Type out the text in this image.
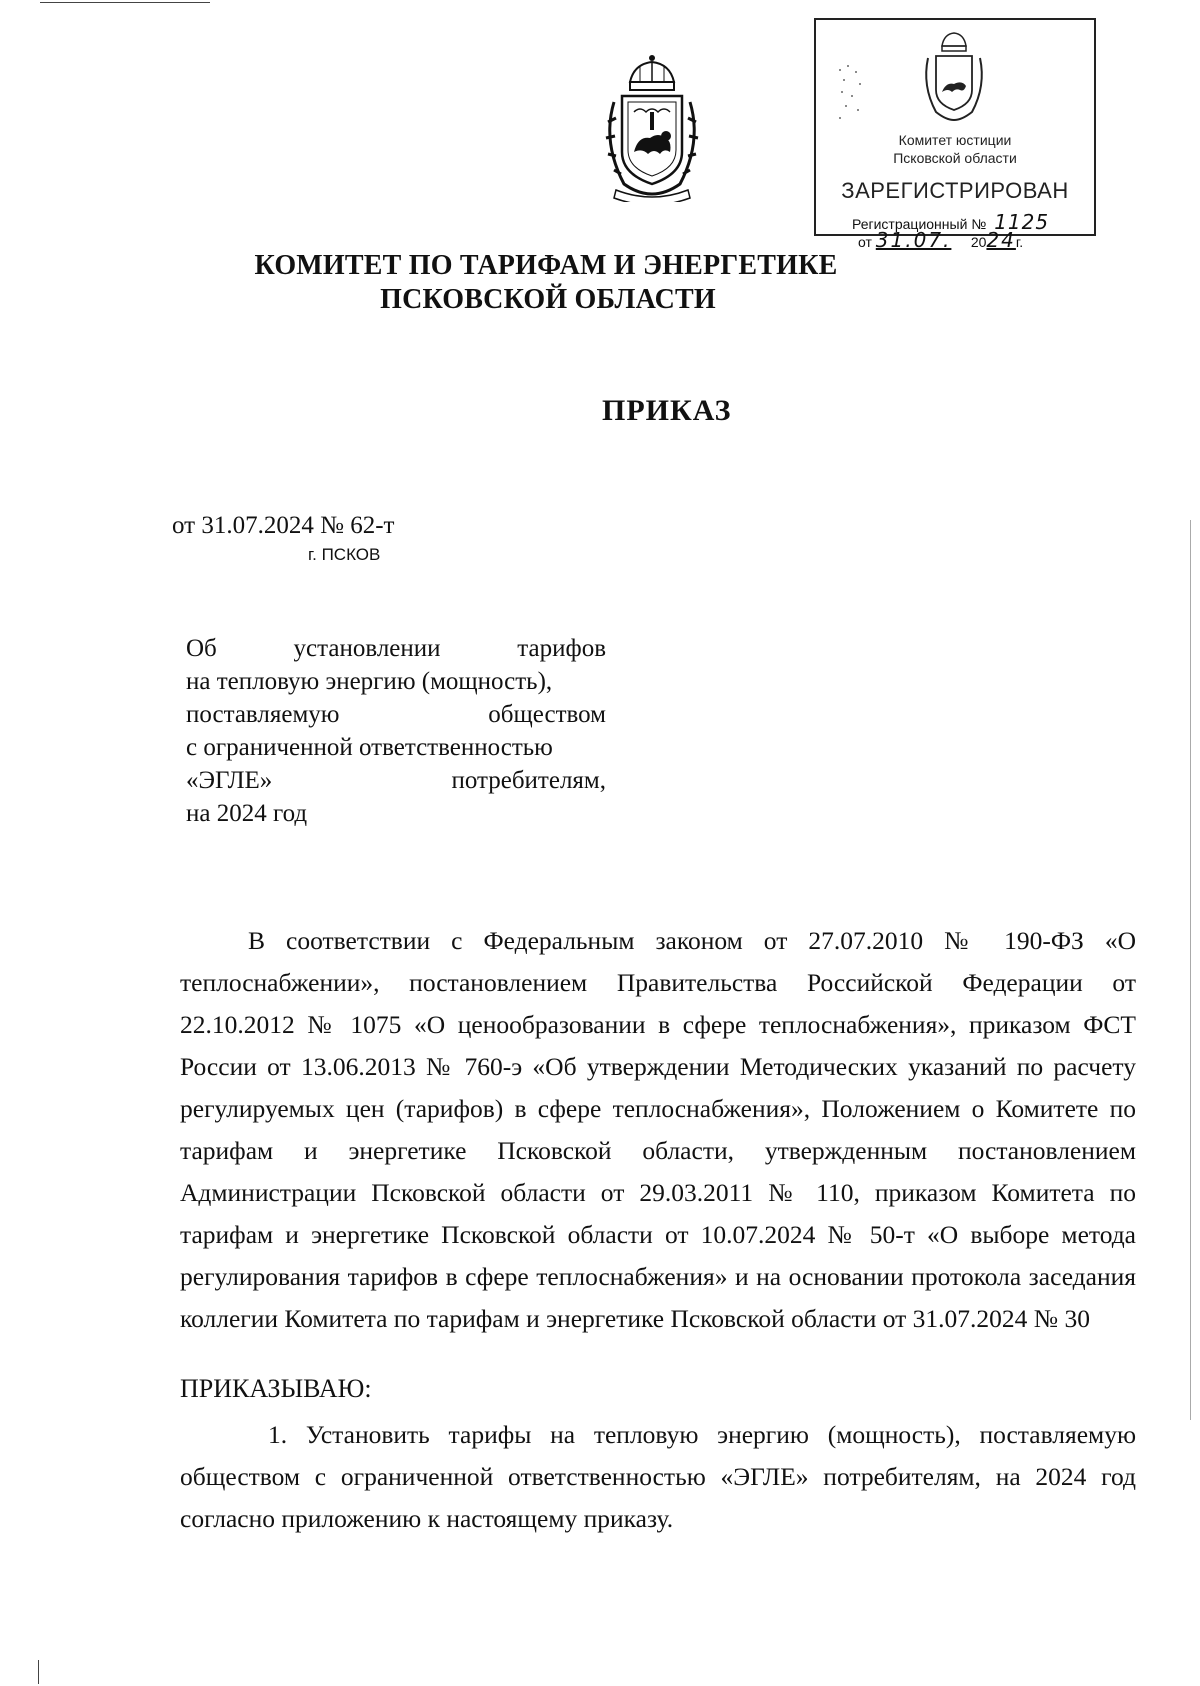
Комитет юстиции
Псковской области
ЗАРЕГИСТРИРОВАН
Регистрационный № 1125
от 31.07. 2024г.
КОМИТЕТ ПО ТАРИФАМ И ЭНЕРГЕТИКЕ
ПСКОВСКОЙ ОБЛАСТИ
ПРИКАЗ
от 31.07.2024 № 62-т
г. ПСКОВ
Об установлении тарифов
на тепловую энергию (мощность),
поставляемую обществом
с ограниченной ответственностью
«ЭГЛЕ» потребителям,
на 2024 год
В соответствии с Федеральным законом от 27.07.2010 № 190-ФЗ «О теплоснабжении», постановлением Правительства Российской Федерации от 22.10.2012 № 1075 «О ценообразовании в сфере теплоснабжения», приказом ФСТ России от 13.06.2013 № 760-э «Об утверждении Методических указаний по расчету регулируемых цен (тарифов) в сфере теплоснабжения», Положением о Комитете по тарифам и энергетике Псковской области, утвержденным постановлением Администрации Псковской области от 29.03.2011 № 110, приказом Комитета по тарифам и энергетике Псковской области от 10.07.2024 № 50-т «О выборе метода регулирования тарифов в сфере теплоснабжения» и на основании протокола заседания коллегии Комитета по тарифам и энергетике Псковской области от 31.07.2024 № 30
ПРИКАЗЫВАЮ:
1. Установить тарифы на тепловую энергию (мощность), поставляемую обществом с ограниченной ответственностью «ЭГЛЕ» потребителям, на 2024 год согласно приложению к настоящему приказу.
